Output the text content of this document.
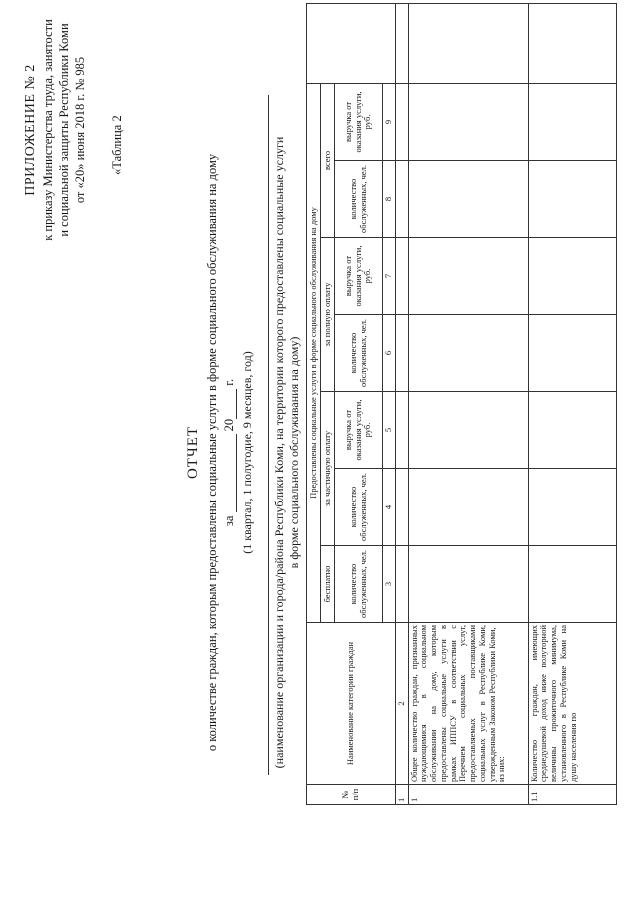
ПРИЛОЖЕНИЕ № 2 к приказу Министерства труда, занятости и социальной защиты Республики Коми от «20» июня 2018 г. № 985 «Таблица 2
ОТЧЕТ о количестве граждан, которым предоставлены социальные услуги в форме социального обслуживания на дому за  20 г. (1 квартал, 1 полугодие, 9 месяцев, год) (наименование организации и города/района Республики Коми, на территории которого предоставлены социальные услуги в форме социального обслуживания на дому)
№ п/п	Наименование категории граждан	Предоставлены социальные услуги в форме социального обслуживания на дому							
		бесплатно	за частичную оплату		за полную оплату		всего		
		количество обслуженных, чел.	количество обслуженных, чел.	выручка от оказания услуги, руб.	количество обслуженных, чел.	выручка от оказания услуги, руб.	количество обслуженных, чел.	выручка от оказания услуги, руб.	
		3	4	5	6	7	8	9	
1	2								
1	Общее количество граждан, признанных нуждающимися в социальном обслуживании на дому, которым предоставлены социальные услуги в рамках ИППСУ в соответствии с Перечнем социальных услуг, предоставляемых поставщиками социальных услуг в Республике Коми, утвержденным Законом Республики Коми,
из них:								
1.1	Количество граждан, имеющих среднедушевой доход ниже полуторной величины прожиточного минимума, установленного в Республике Коми на душу населения по								
